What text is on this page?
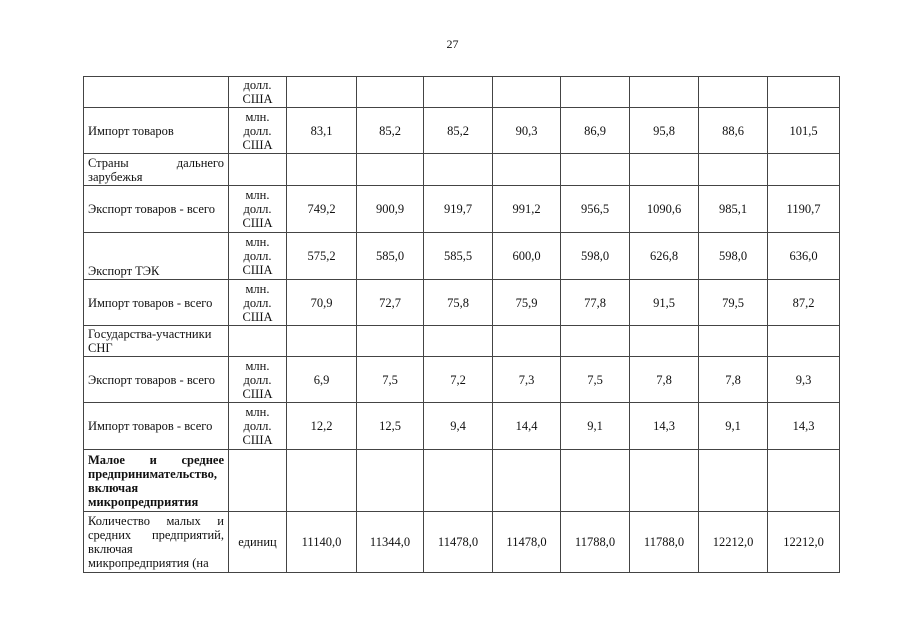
27
	долл. США								
Импорт товаров	млн. долл. США	83,1	85,2	85,2	90,3	86,9	95,8	88,6	101,5
Страны дальнего зарубежья									
Экспорт товаров - всего	млн. долл. США	749,2	900,9	919,7	991,2	956,5	1090,6	985,1	1190,7
Экспорт ТЭК	млн. долл. США	575,2	585,0	585,5	600,0	598,0	626,8	598,0	636,0
Импорт товаров - всего	млн. долл. США	70,9	72,7	75,8	75,9	77,8	91,5	79,5	87,2
Государства-участники СНГ									
Экспорт товаров - всего	млн. долл. США	6,9	7,5	7,2	7,3	7,5	7,8	7,8	9,3
Импорт товаров - всего	млн. долл. США	12,2	12,5	9,4	14,4	9,1	14,3	9,1	14,3
Малое и среднее предпринимательство, включая микропредприятия									
Количество малых и средних предприятий, включая микропредприятия (на	единиц	11140,0	11344,0	11478,0	11478,0	11788,0	11788,0	12212,0	12212,0
